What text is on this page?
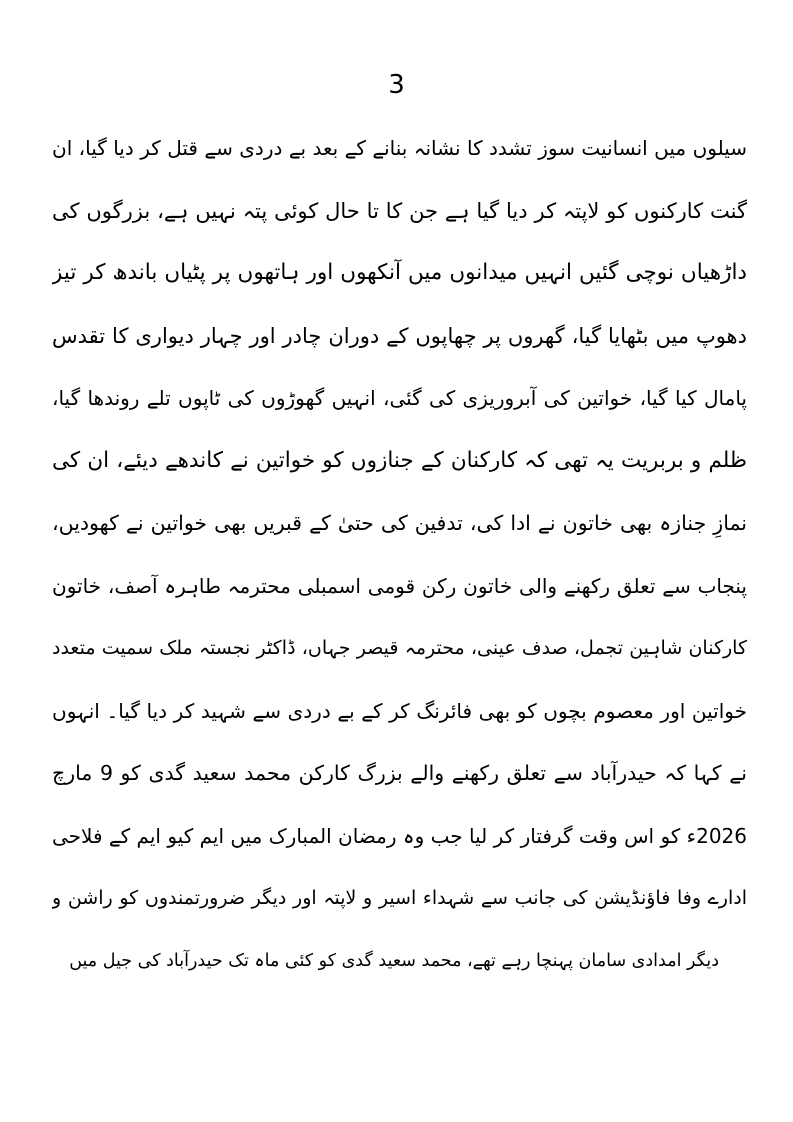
3
سیلوں میں انسانیت سوز تشدد کا نشانہ بنانے کے بعد بے دردی سے قتل کر دیا گیا، ان
گنت کارکنوں کو لاپتہ کر دیا گیا ہے جن کا تا حال کوئی پتہ نہیں ہے، بزرگوں کی
داڑھیاں نوچی گئیں انہیں میدانوں میں آنکھوں اور ہاتھوں پر پٹیاں باندھ کر تیز
دھوپ میں بٹھایا گیا، گھروں پر چھاپوں کے دوران چادر اور چہار دیواری کا تقدس
پامال کیا گیا، خواتین کی آبروریزی کی گئی، انہیں گھوڑوں کی ٹاپوں تلے روندھا گیا،
ظلم و بربریت یہ تھی کہ کارکنان کے جنازوں کو خواتین نے کاندھے دیئے، ان کی
نمازِ جنازہ بھی خاتون نے ادا کی، تدفین کی حتیٰ کے قبریں بھی خواتین نے کھودیں،
پنجاب سے تعلق رکھنے والی خاتون رکن قومی اسمبلی محترمہ طاہرہ آصف، خاتون
کارکنان شاہین تجمل، صدف عینی، محترمہ قیصر جہاں، ڈاکٹر نجستہ ملک سمیت متعدد
خواتین اور معصوم بچوں کو بھی فائرنگ کر کے بے دردی سے شہید کر دیا گیا۔ انہوں
نے کہا کہ حیدرآباد سے تعلق رکھنے والے بزرگ کارکن محمد سعید گدی کو 9 مارچ
2026ء کو اس وقت گرفتار کر لیا جب وہ رمضان المبارک میں ایم کیو ایم کے فلاحی
ادارے وفا فاؤنڈیشن کی جانب سے شہداء اسیر و لاپتہ اور دیگر ضرورتمندوں کو راشن و
دیگر امدادی سامان پہنچا رہے تھے، محمد سعید گدی کو کئی ماہ تک حیدرآباد کی جیل میں
